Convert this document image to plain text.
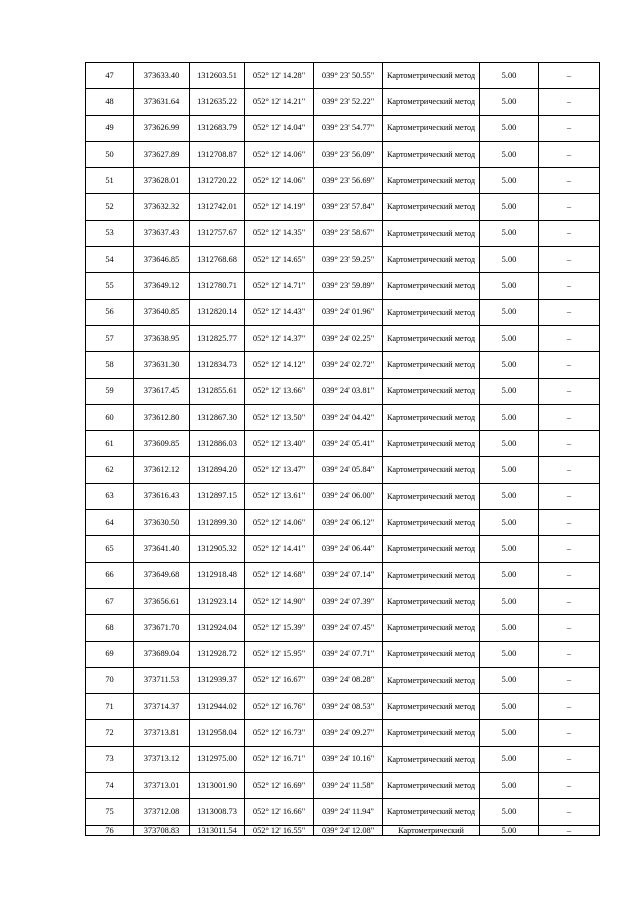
47	373633.40	1312603.51	052° 12' 14.28"	039° 23' 50.55"	Картометрический метод	5.00	–
48	373631.64	1312635.22	052° 12' 14.21"	039° 23' 52.22"	Картометрический метод	5.00	–
49	373626.99	1312683.79	052° 12' 14.04"	039° 23' 54.77"	Картометрический метод	5.00	–
50	373627.89	1312708.87	052° 12' 14.06"	039° 23' 56.09"	Картометрический метод	5.00	–
51	373628.01	1312720.22	052° 12' 14.06"	039° 23' 56.69"	Картометрический метод	5.00	–
52	373632.32	1312742.01	052° 12' 14.19"	039° 23' 57.84"	Картометрический метод	5.00	–
53	373637.43	1312757.67	052° 12' 14.35"	039° 23' 58.67"	Картометрический метод	5.00	–
54	373646.85	1312768.68	052° 12' 14.65"	039° 23' 59.25"	Картометрический метод	5.00	–
55	373649.12	1312780.71	052° 12' 14.71"	039° 23' 59.89"	Картометрический метод	5.00	–
56	373640.85	1312820.14	052° 12' 14.43"	039° 24' 01.96"	Картометрический метод	5.00	–
57	373638.95	1312825.77	052° 12' 14.37"	039° 24' 02.25"	Картометрический метод	5.00	–
58	373631.30	1312834.73	052° 12' 14.12"	039° 24' 02.72"	Картометрический метод	5.00	–
59	373617.45	1312855.61	052° 12' 13.66"	039° 24' 03.81"	Картометрический метод	5.00	–
60	373612.80	1312867.30	052° 12' 13.50"	039° 24' 04.42"	Картометрический метод	5.00	–
61	373609.85	1312886.03	052° 12' 13.40"	039° 24' 05.41"	Картометрический метод	5.00	–
62	373612.12	1312894.20	052° 12' 13.47"	039° 24' 05.84"	Картометрический метод	5.00	–
63	373616.43	1312897.15	052° 12' 13.61"	039° 24' 06.00"	Картометрический метод	5.00	–
64	373630.50	1312899.30	052° 12' 14.06"	039° 24' 06.12"	Картометрический метод	5.00	–
65	373641.40	1312905.32	052° 12' 14.41"	039° 24' 06.44"	Картометрический метод	5.00	–
66	373649.68	1312918.48	052° 12' 14.68"	039° 24' 07.14"	Картометрический метод	5.00	–
67	373656.61	1312923.14	052° 12' 14.90"	039° 24' 07.39"	Картометрический метод	5.00	–
68	373671.70	1312924.04	052° 12' 15.39"	039° 24' 07.45"	Картометрический метод	5.00	–
69	373689.04	1312928.72	052° 12' 15.95"	039° 24' 07.71"	Картометрический метод	5.00	–
70	373711.53	1312939.37	052° 12' 16.67"	039° 24' 08.28"	Картометрический метод	5.00	–
71	373714.37	1312944.02	052° 12' 16.76"	039° 24' 08.53"	Картометрический метод	5.00	–
72	373713.81	1312958.04	052° 12' 16.73"	039° 24' 09.27"	Картометрический метод	5.00	–
73	373713.12	1312975.00	052° 12' 16.71"	039° 24' 10.16"	Картометрический метод	5.00	–
74	373713.01	1313001.90	052° 12' 16.69"	039° 24' 11.58"	Картометрический метод	5.00	–
75	373712.08	1313008.73	052° 12' 16.66"	039° 24' 11.94"	Картометрический метод	5.00	–
76	373708.83	1313011.54	052° 12' 16.55"	039° 24' 12.08"	Картометрический	5.00	–
